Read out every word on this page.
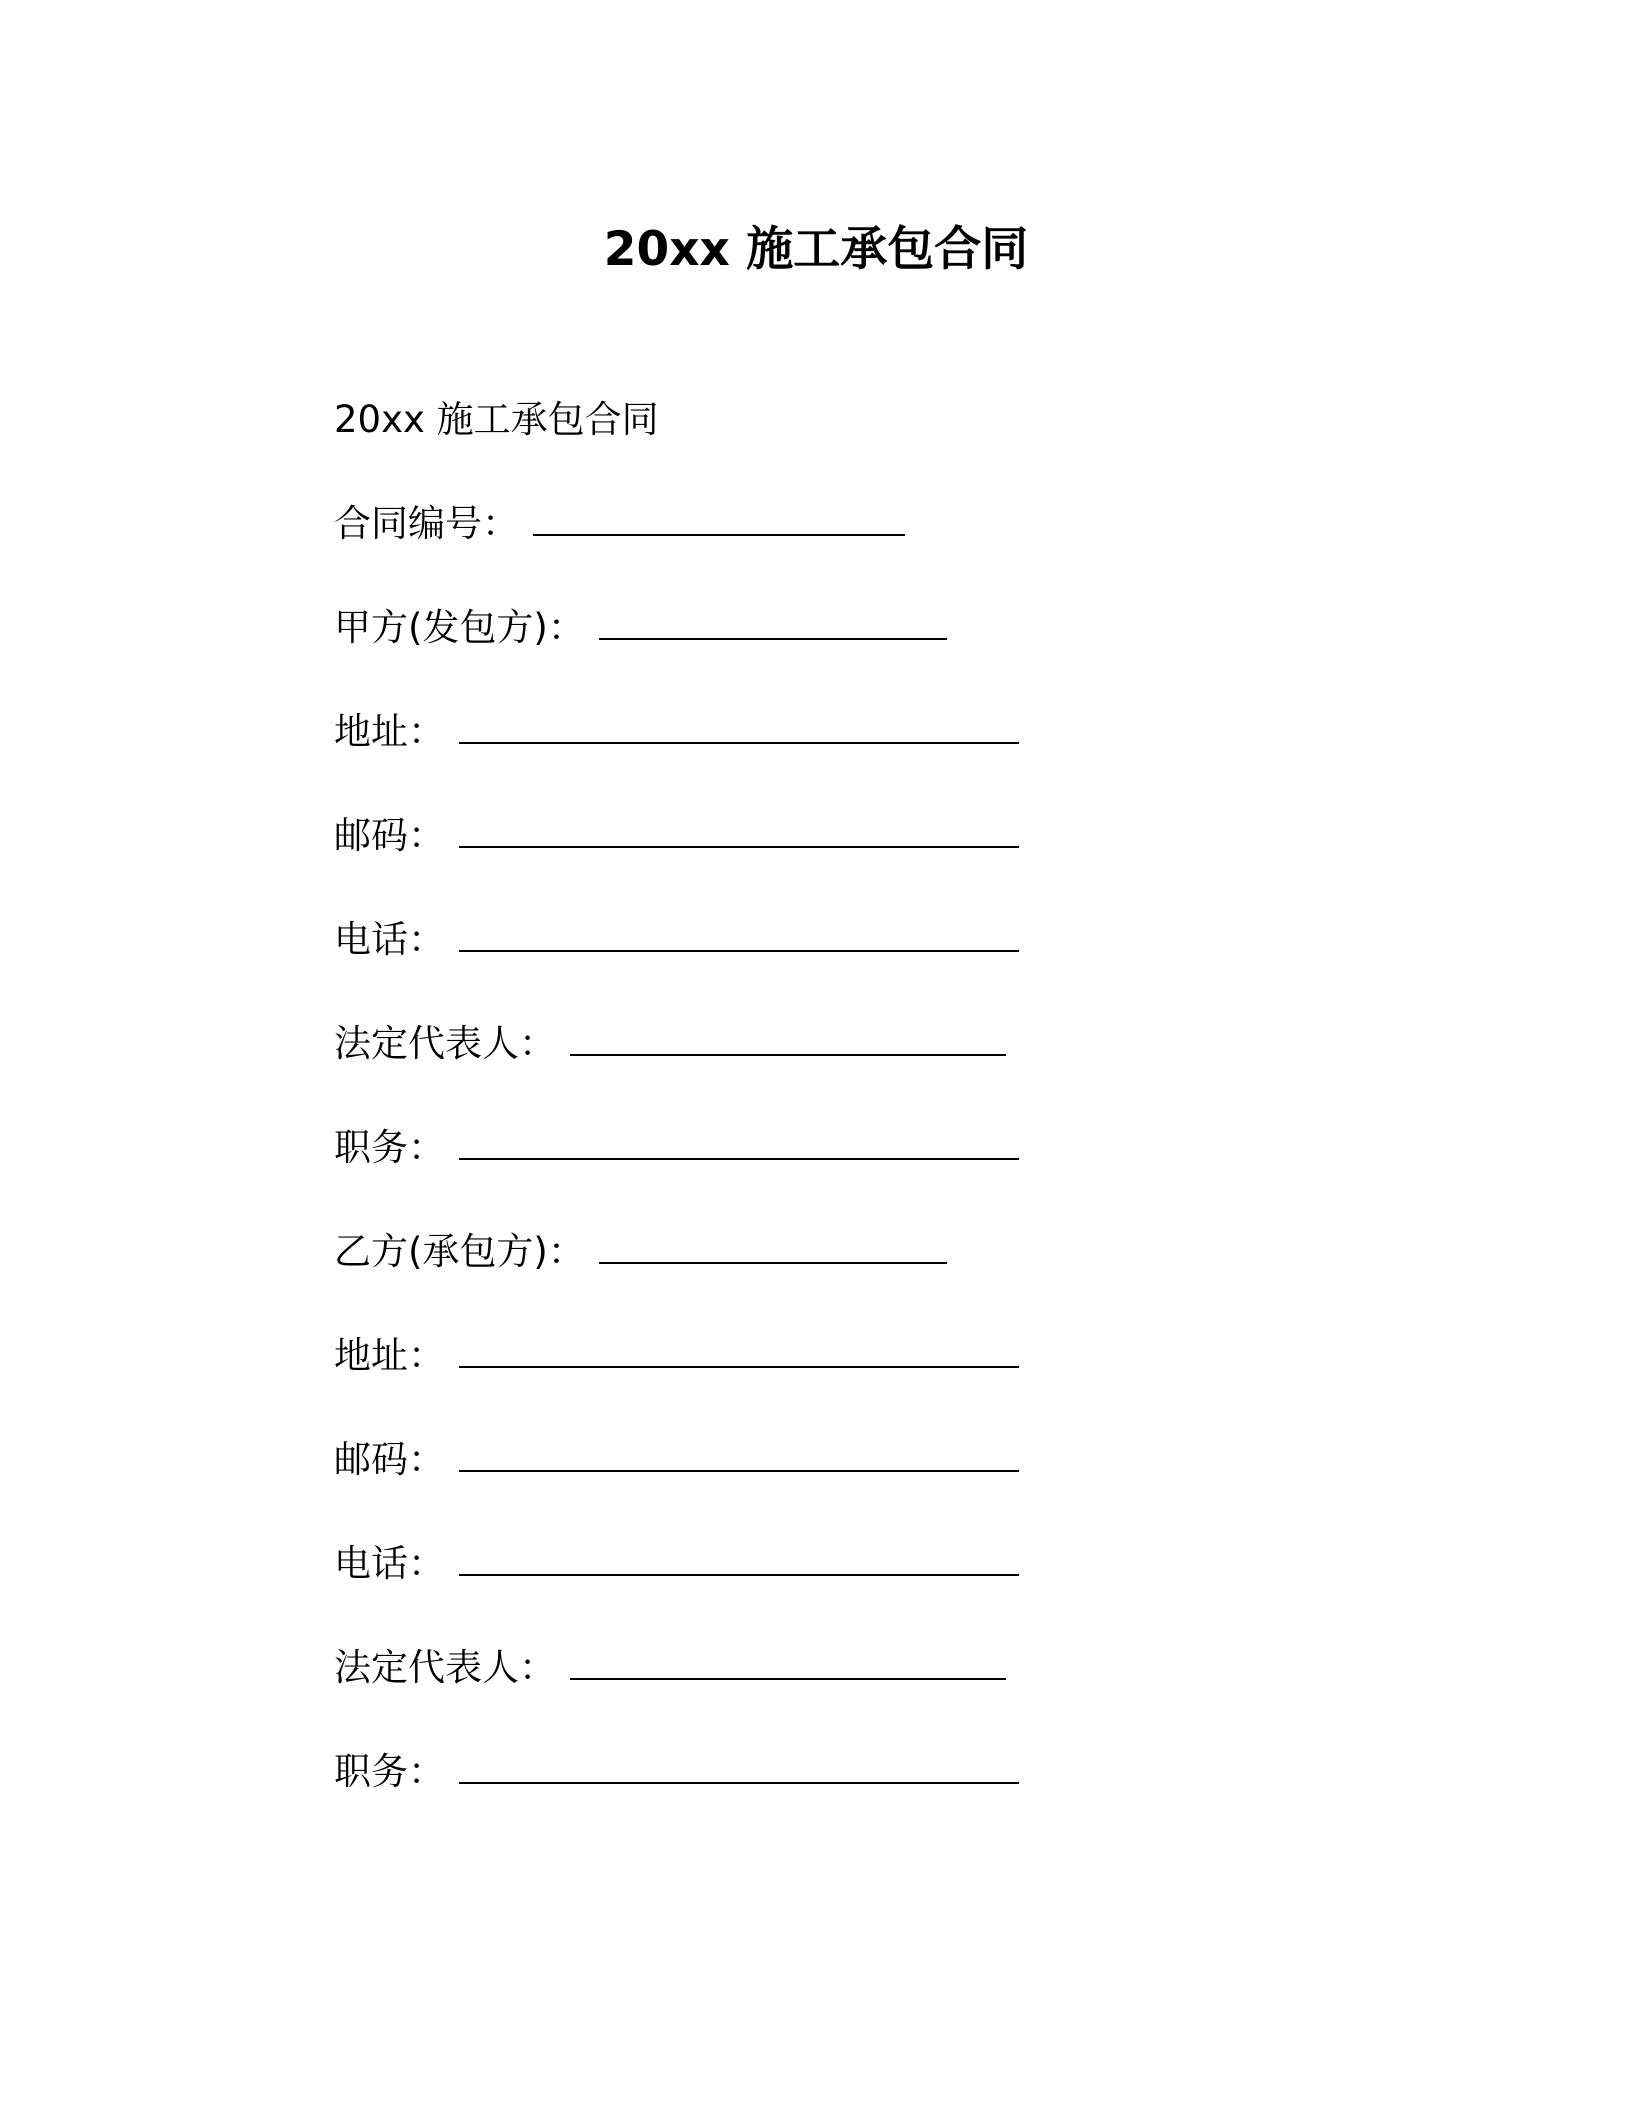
20xx 施工承包合同
20xx 施工承包合同
合同编号：
甲方(发包方)：
地址：
邮码：
电话：
法定代表人：
职务：
乙方(承包方)：
地址：
邮码：
电话：
法定代表人：
职务：
